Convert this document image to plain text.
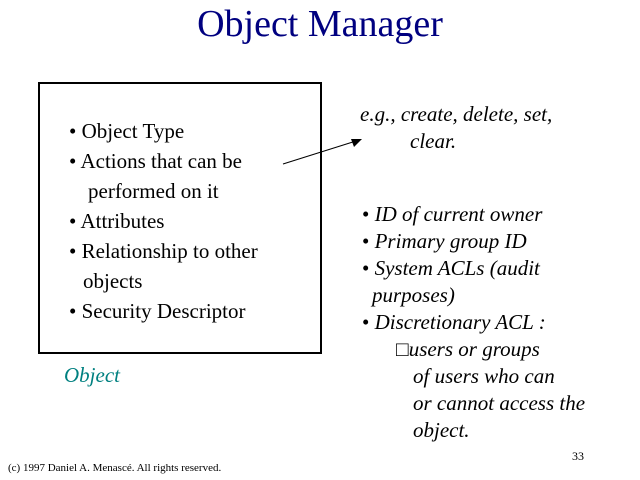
Object Manager
• Object Type
• Actions that can be
performed on it
• Attributes
• Relationship to other
objects
• Security Descriptor
Object
e.g., create, delete, set,
clear.
• ID of current owner
• Primary group ID
• System ACLs (audit
purposes)
• Discretionary ACL :
□users or groups
of users who can
or cannot access the
object.
33
(c) 1997 Daniel A. Menascé. All rights reserved.
